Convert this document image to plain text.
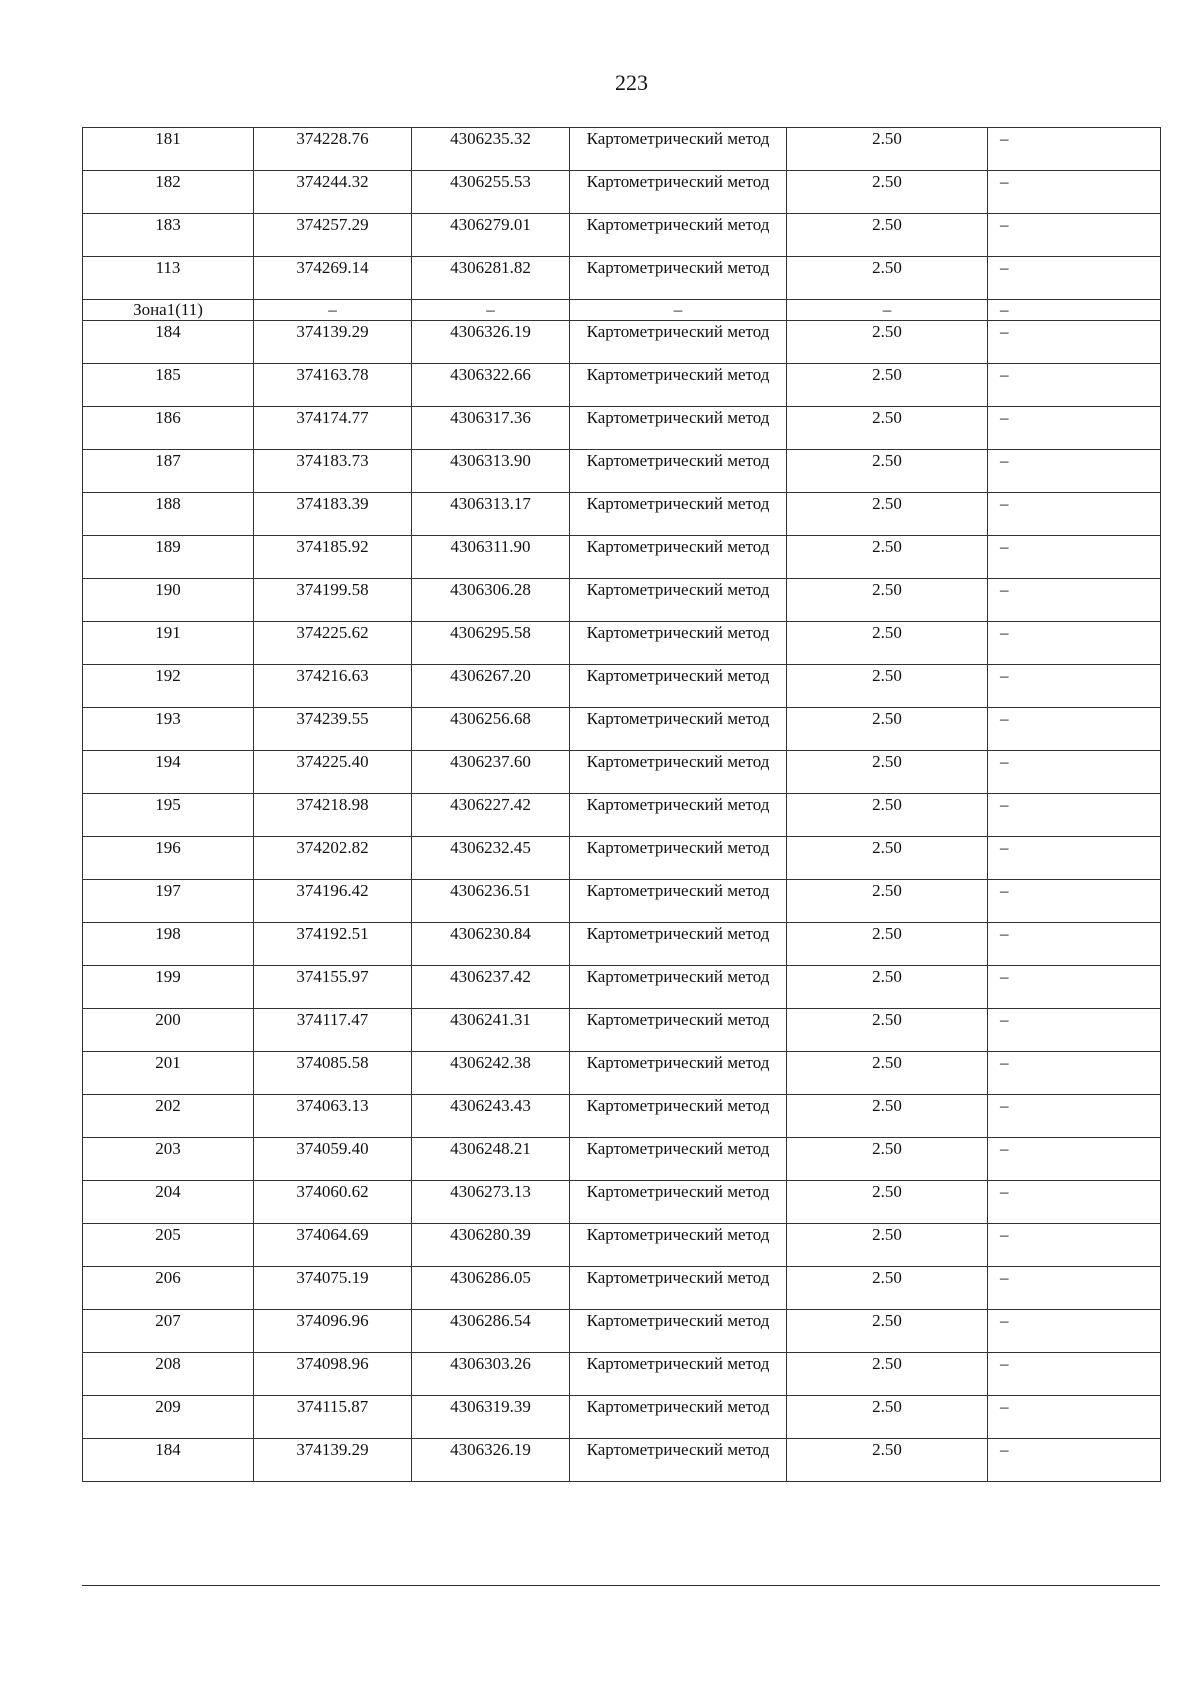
223
181	374228.76	4306235.32	Картометрический метод	2.50	–
182	374244.32	4306255.53	Картометрический метод	2.50	–
183	374257.29	4306279.01	Картометрический метод	2.50	–
113	374269.14	4306281.82	Картометрический метод	2.50	–
Зона1(11)	–	–	–	–	–
184	374139.29	4306326.19	Картометрический метод	2.50	–
185	374163.78	4306322.66	Картометрический метод	2.50	–
186	374174.77	4306317.36	Картометрический метод	2.50	–
187	374183.73	4306313.90	Картометрический метод	2.50	–
188	374183.39	4306313.17	Картометрический метод	2.50	–
189	374185.92	4306311.90	Картометрический метод	2.50	–
190	374199.58	4306306.28	Картометрический метод	2.50	–
191	374225.62	4306295.58	Картометрический метод	2.50	–
192	374216.63	4306267.20	Картометрический метод	2.50	–
193	374239.55	4306256.68	Картометрический метод	2.50	–
194	374225.40	4306237.60	Картометрический метод	2.50	–
195	374218.98	4306227.42	Картометрический метод	2.50	–
196	374202.82	4306232.45	Картометрический метод	2.50	–
197	374196.42	4306236.51	Картометрический метод	2.50	–
198	374192.51	4306230.84	Картометрический метод	2.50	–
199	374155.97	4306237.42	Картометрический метод	2.50	–
200	374117.47	4306241.31	Картометрический метод	2.50	–
201	374085.58	4306242.38	Картометрический метод	2.50	–
202	374063.13	4306243.43	Картометрический метод	2.50	–
203	374059.40	4306248.21	Картометрический метод	2.50	–
204	374060.62	4306273.13	Картометрический метод	2.50	–
205	374064.69	4306280.39	Картометрический метод	2.50	–
206	374075.19	4306286.05	Картометрический метод	2.50	–
207	374096.96	4306286.54	Картометрический метод	2.50	–
208	374098.96	4306303.26	Картометрический метод	2.50	–
209	374115.87	4306319.39	Картометрический метод	2.50	–
184	374139.29	4306326.19	Картометрический метод	2.50	–
